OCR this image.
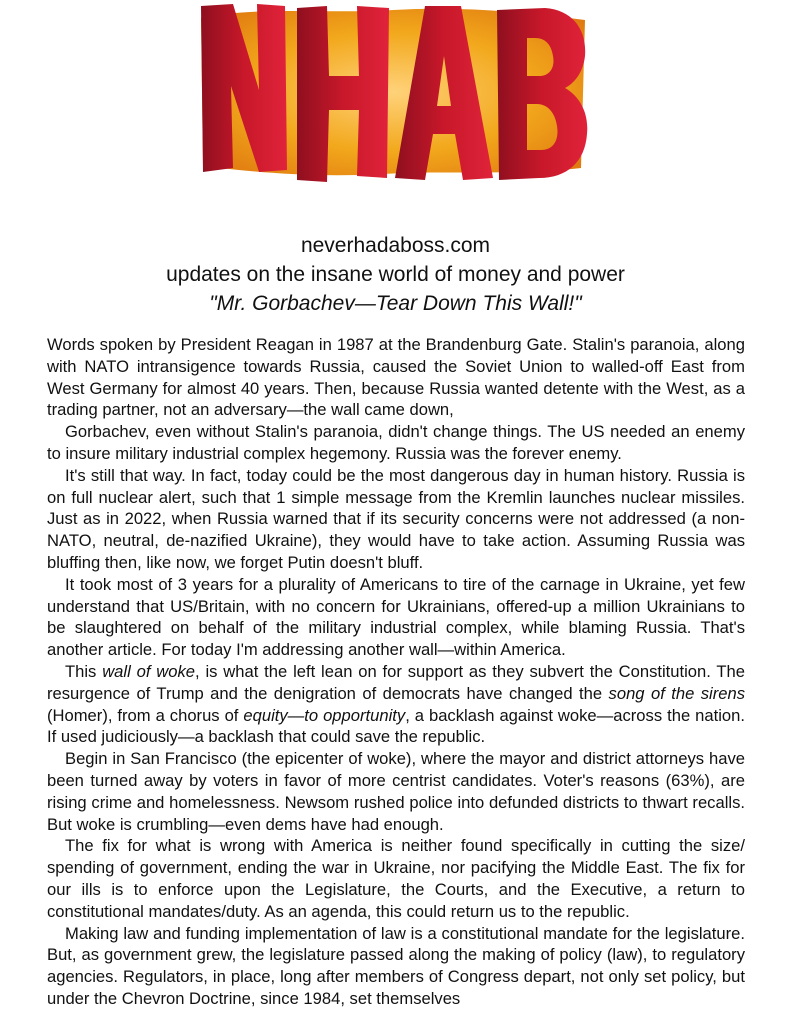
neverhadaboss.com
updates on the insane world of money and power
"Mr. Gorbachev—Tear Down This Wall!"

Words spoken by President Reagan in 1987 at the Brandenburg Gate. Stalin's paranoia, along with NATO intransigence towards Russia, caused the Soviet Union to walled-off East from West Germany for almost 40 years. Then, because Russia wanted detente with the West, as a trading partner, not an adversary—the wall came down,

Gorbachev, even without Stalin's paranoia, didn't change things. The US needed an enemy to insure military industrial complex hegemony. Russia was the forever enemy.

It's still that way. In fact, today could be the most dangerous day in human history. Russia is on full nuclear alert, such that 1 simple message from the Kremlin launches nuclear missiles. Just as in 2022, when Russia warned that if its security concerns were not addressed (a non-NATO, neutral, de-nazified Ukraine), they would have to take action. Assuming Russia was bluffing then, like now, we forget Putin doesn't bluff.

It took most of 3 years for a plurality of Americans to tire of the carnage in Ukraine, yet few understand that US/Britain, with no concern for Ukrainians, offered-up a million Ukrainians to be slaughtered on behalf of the military industrial complex, while blaming Russia. That's another article. For today I'm addressing another wall—within America.

This wall of woke, is what the left lean on for support as they subvert the Constitution. The resurgence of Trump and the denigration of democrats have changed the song of the sirens (Homer), from a chorus of equity—to opportunity, a backlash against woke—across the nation. If used judiciously—a backlash that could save the republic.

Begin in San Francisco (the epicenter of woke), where the mayor and district attorneys have been turned away by voters in favor of more centrist candidates. Voter's reasons (63%), are rising crime and homelessness. Newsom rushed police into defunded districts to thwart recalls. But woke is crumbling—even dems have had enough.

The fix for what is wrong with America is neither found specifically in cutting the size/​spending of government, ending the war in Ukraine, nor pacifying the Middle East. The fix for our ills is to enforce upon the Legislature, the Courts, and the Executive, a return to constitutional mandates/duty. As an agenda, this could return us to the republic.

Making law and funding implementation of law is a constitutional mandate for the legislature. But, as government grew, the legislature passed along the making of policy (law), to regulatory agencies. Regulators, in place, long after members of Congress depart, not only set policy, but under the Chevron Doctrine, since 1984, set themselves
